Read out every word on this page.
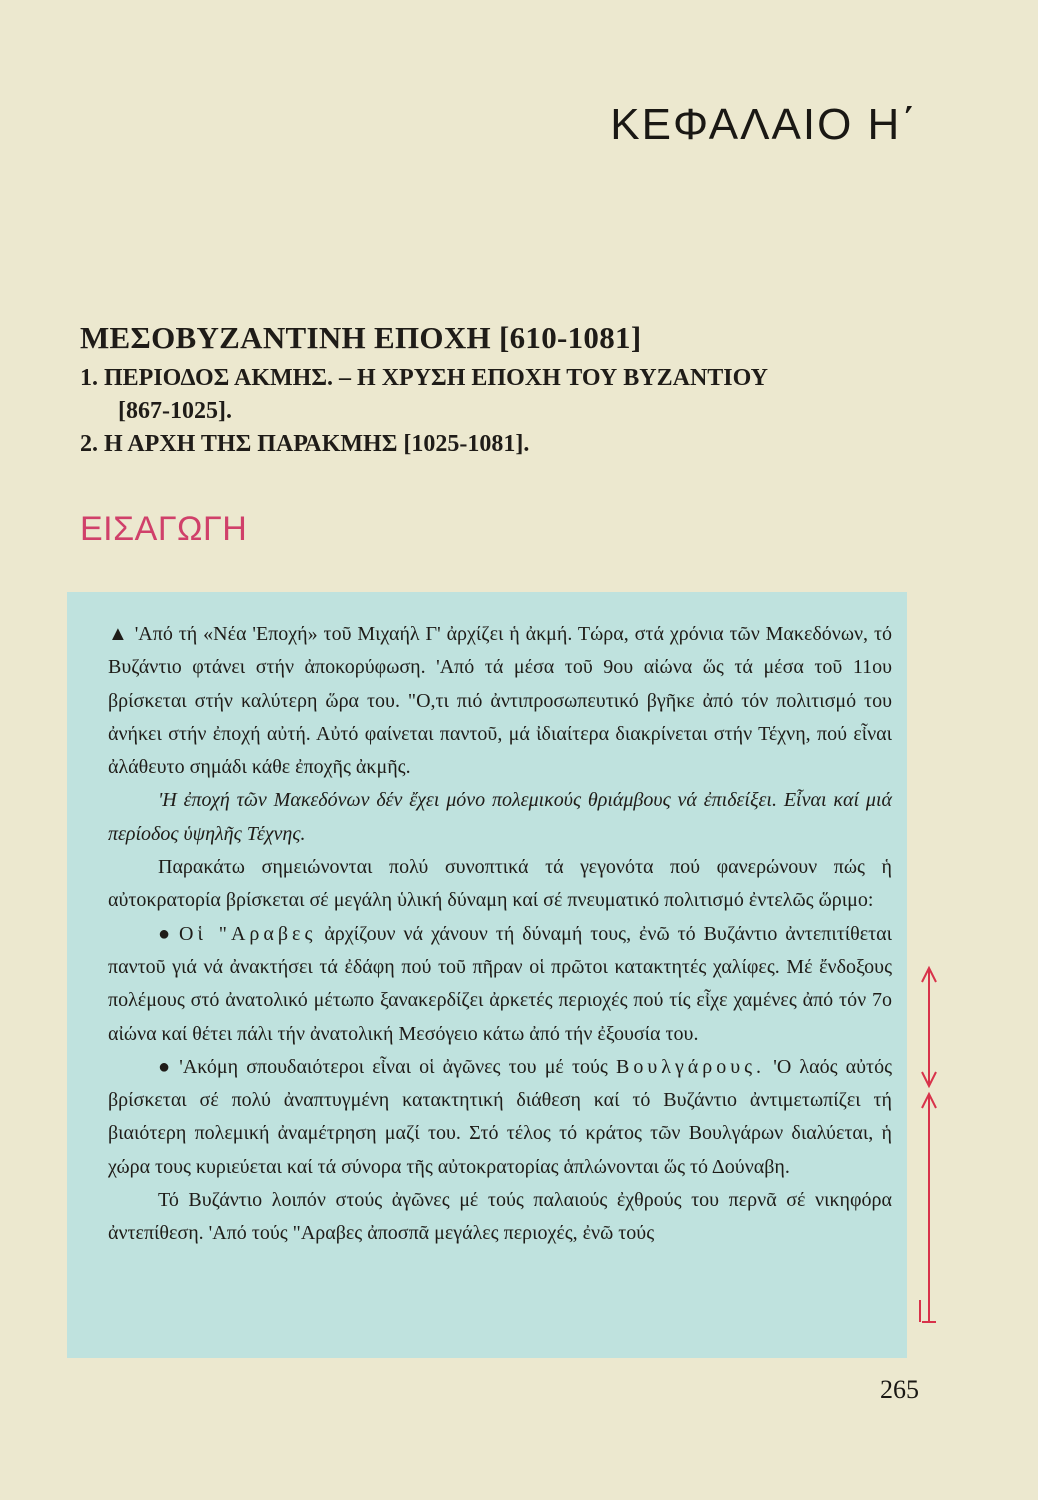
ΚΕΦΑΛΑΙΟ Η΄
ΜΕΣΟΒΥΖΑΝΤΙΝΗ ΕΠΟΧΗ [610-1081]
1. ΠΕΡΙΟΔΟΣ ΑΚΜΗΣ. – Η ΧΡΥΣΗ ΕΠΟΧΗ ΤΟΥ ΒΥΖΑΝΤΙΟΥ
[867-1025].
2. Η ΑΡΧΗ ΤΗΣ ΠΑΡΑΚΜΗΣ [1025-1081].
ΕΙΣΑΓΩΓΗ

▲ 'Από τή «Νέα 'Εποχή» τοῦ Μιχαήλ Γ' ἀρχίζει ἡ ἀκμή. Τώρα, στά χρόνια τῶν Μακεδόνων, τό Βυζάντιο φτάνει στήν ἀποκορύφωση. 'Από τά μέσα τοῦ 9ου αἰώνα ὥς τά μέσα τοῦ 11ου βρίσκεται στήν καλύτερη ὥρα του. "Ο,τι πιό ἀντιπροσωπευτικό βγῆκε ἀπό τόν πολιτισμό του ἀνήκει στήν ἐποχή αὐτή. Αὐτό φαίνεται παντοῦ, μά ἰδιαίτερα διακρίνεται στήν Τέχνη, πού εἶναι ἀλάθευτο σημάδι κάθε ἐποχῆς ἀκμῆς.

'Η ἐποχή τῶν Μακεδόνων δέν ἔχει μόνο πολεμικούς θριάμβους νά ἐπιδείξει. Εἶναι καί μιά περίοδος ὑψηλῆς Τέχνης.

Παρακάτω σημειώνονται πολύ συνοπτικά τά γεγονότα πού φανερώνουν πώς ἡ αὐτοκρατορία βρίσκεται σέ μεγάλη ὑλική δύναμη καί σέ πνευματικό πολιτισμό ἐντελῶς ὥριμο:

● Οἱ "Αραβες ἀρχίζουν νά χάνουν τή δύναμή τους, ἐνῶ τό Βυζάντιο ἀντεπιτίθεται παντοῦ γιά νά ἀνακτήσει τά ἐδάφη πού τοῦ πῆραν οἱ πρῶτοι κατακτητές χαλίφες. Μέ ἔνδοξους πολέμους στό ἀνατολικό μέτωπο ξανακερδίζει ἀρκετές περιοχές πού τίς εἶχε χαμένες ἀπό τόν 7ο αἰώνα καί θέτει πάλι τήν ἀνατολική Μεσόγειο κάτω ἀπό τήν ἐξουσία του.

● 'Ακόμη σπουδαιότεροι εἶναι οἱ ἀγῶνες του μέ τούς Βουλγάρους. 'Ο λαός αὐτός βρίσκεται σέ πολύ ἀναπτυγμένη κατακτητική διάθεση καί τό Βυζάντιο ἀντιμετωπίζει τή βιαιότερη πολεμική ἀναμέτρηση μαζί του. Στό τέλος τό κράτος τῶν Βουλγάρων διαλύεται, ἡ χώρα τους κυριεύεται καί τά σύνορα τῆς αὐτοκρατορίας ἁπλώνονται ὥς τό Δούναβη.

Τό Βυζάντιο λοιπόν στούς ἀγῶνες μέ τούς παλαιούς ἐχθρούς του περνᾶ σέ νικηφόρα ἀντεπίθεση. 'Από τούς "Αραβες ἀποσπᾶ μεγάλες περιοχές, ἐνῶ τούς

265
